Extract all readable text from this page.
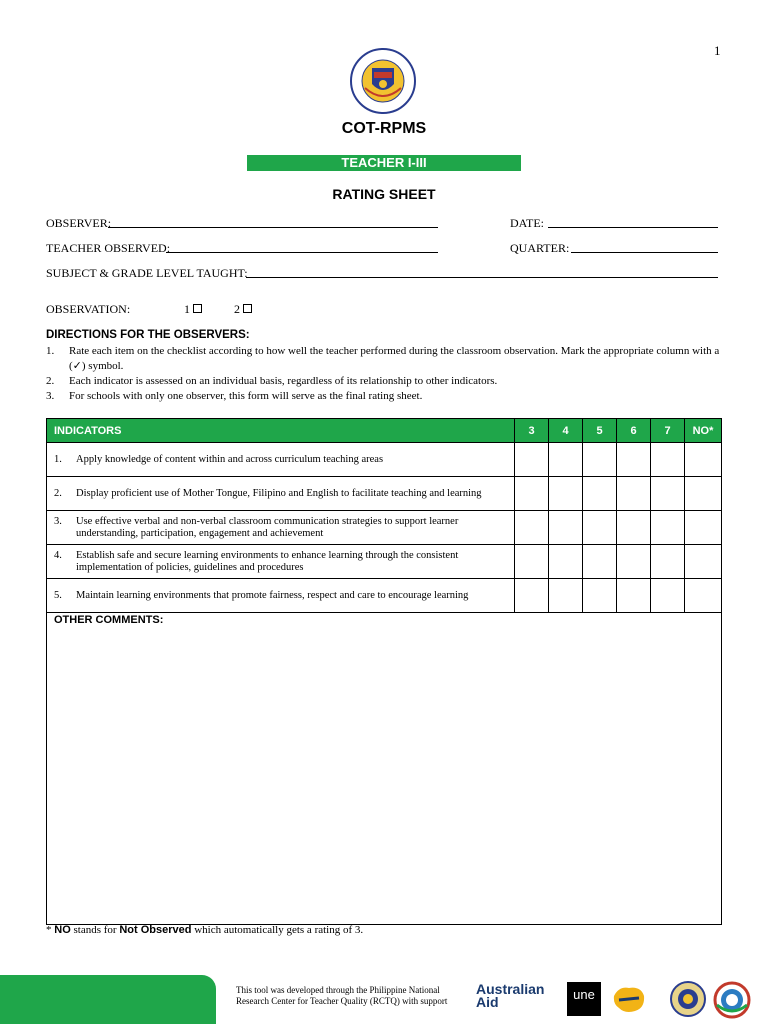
1
COT-RPMS
TEACHER I-III
RATING SHEET
OBSERVER:	DATE:
TEACHER OBSERVED:	QUARTER:
SUBJECT & GRADE LEVEL TAUGHT:
OBSERVATION:	1	2
DIRECTIONS FOR THE OBSERVERS:
1. Rate each item on the checklist according to how well the teacher performed during the classroom observation. Mark the appropriate column with a (✓) symbol.
2. Each indicator is assessed on an individual basis, regardless of its relationship to other indicators.
3. For schools with only one observer, this form will serve as the final rating sheet.
INDICATORS	3	4	5	6	7	NO*
1. Apply knowledge of content within and across curriculum teaching areas						
2. Display proficient use of Mother Tongue, Filipino and English to facilitate teaching and learning						
3. Use effective verbal and non-verbal classroom communication strategies to support learner understanding, participation, engagement and achievement						
4. Establish safe and secure learning environments to enhance learning through the consistent implementation of policies, guidelines and procedures						
5. Maintain learning environments that promote fairness, respect and care to encourage learning						
OTHER COMMENTS:						
* NO stands for Not Observed which automatically gets a rating of 3.
This tool was developed through the Philippine National Research Center for Teacher Quality (RCTQ) with support
Australian
Aid	une
